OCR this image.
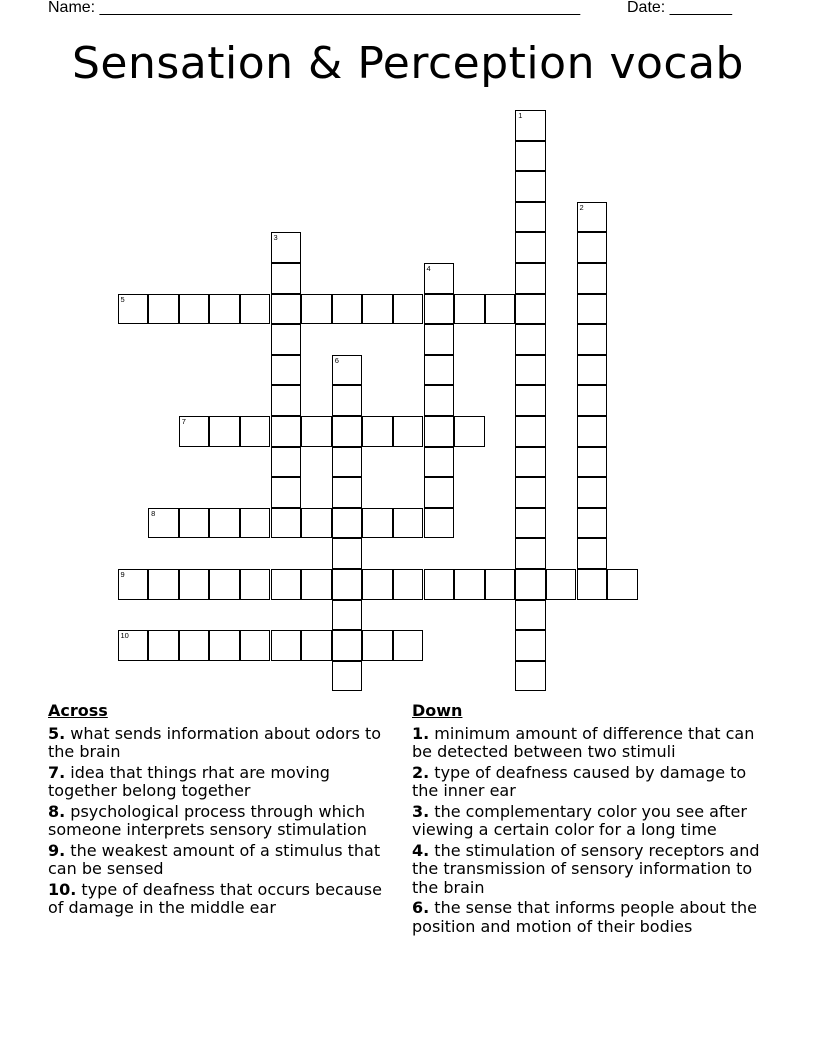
Name: ______________________________________________________	Date: _______
Sensation & Perception vocab
1
2
3
4
5
6
7
8
9
10
Across
5. what sends information about odors to the brain
7. idea that things rhat are moving together belong together
8. psychological process through which someone interprets sensory stimulation
9. the weakest amount of a stimulus that can be sensed
10. type of deafness that occurs because of damage in the middle ear
Down
1. minimum amount of difference that can be detected between two stimuli
2. type of deafness caused by damage to the inner ear
3. the complementary color you see after viewing a certain color for a long time
4. the stimulation of sensory receptors and the transmission of sensory information to the brain
6. the sense that informs people about the position and motion of their bodies
